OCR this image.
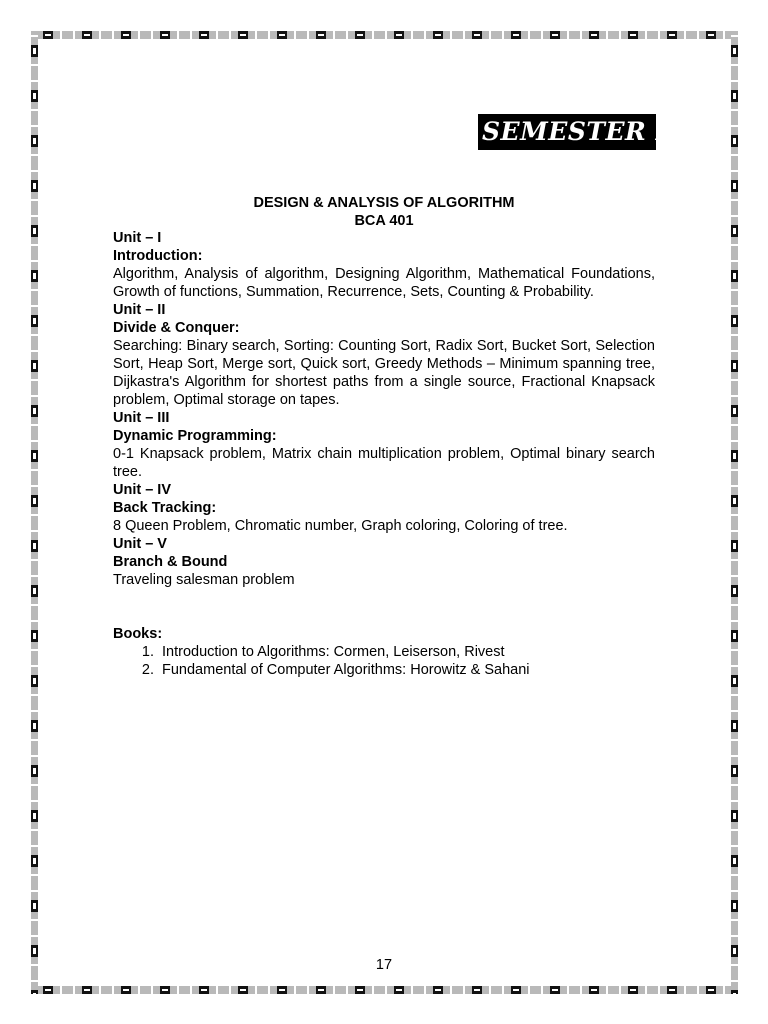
SEMESTER IV
DESIGN & ANALYSIS OF ALGORITHM
BCA 401
Unit – I
Introduction:

Algorithm, Analysis of algorithm, Designing Algorithm, Mathematical Foundations, Growth of functions, Summation, Recurrence, Sets, Counting & Probability.

Unit – II
Divide & Conquer:

Searching: Binary search, Sorting: Counting Sort, Radix Sort, Bucket Sort, Selection Sort, Heap Sort, Merge sort, Quick sort, Greedy Methods – Minimum spanning tree, Dijkastra's Algorithm for shortest paths from a single source, Fractional Knapsack problem, Optimal storage on tapes.

Unit – III
Dynamic Programming:

0-1 Knapsack problem, Matrix chain multiplication problem, Optimal binary search tree.

Unit – IV
Back Tracking:

8 Queen Problem, Chromatic number, Graph coloring, Coloring of tree.

Unit – V
Branch & Bound

Traveling salesman problem

Books:
1. Introduction to Algorithms: Cormen, Leiserson, Rivest
2. Fundamental of Computer Algorithms: Horowitz & Sahani
17
